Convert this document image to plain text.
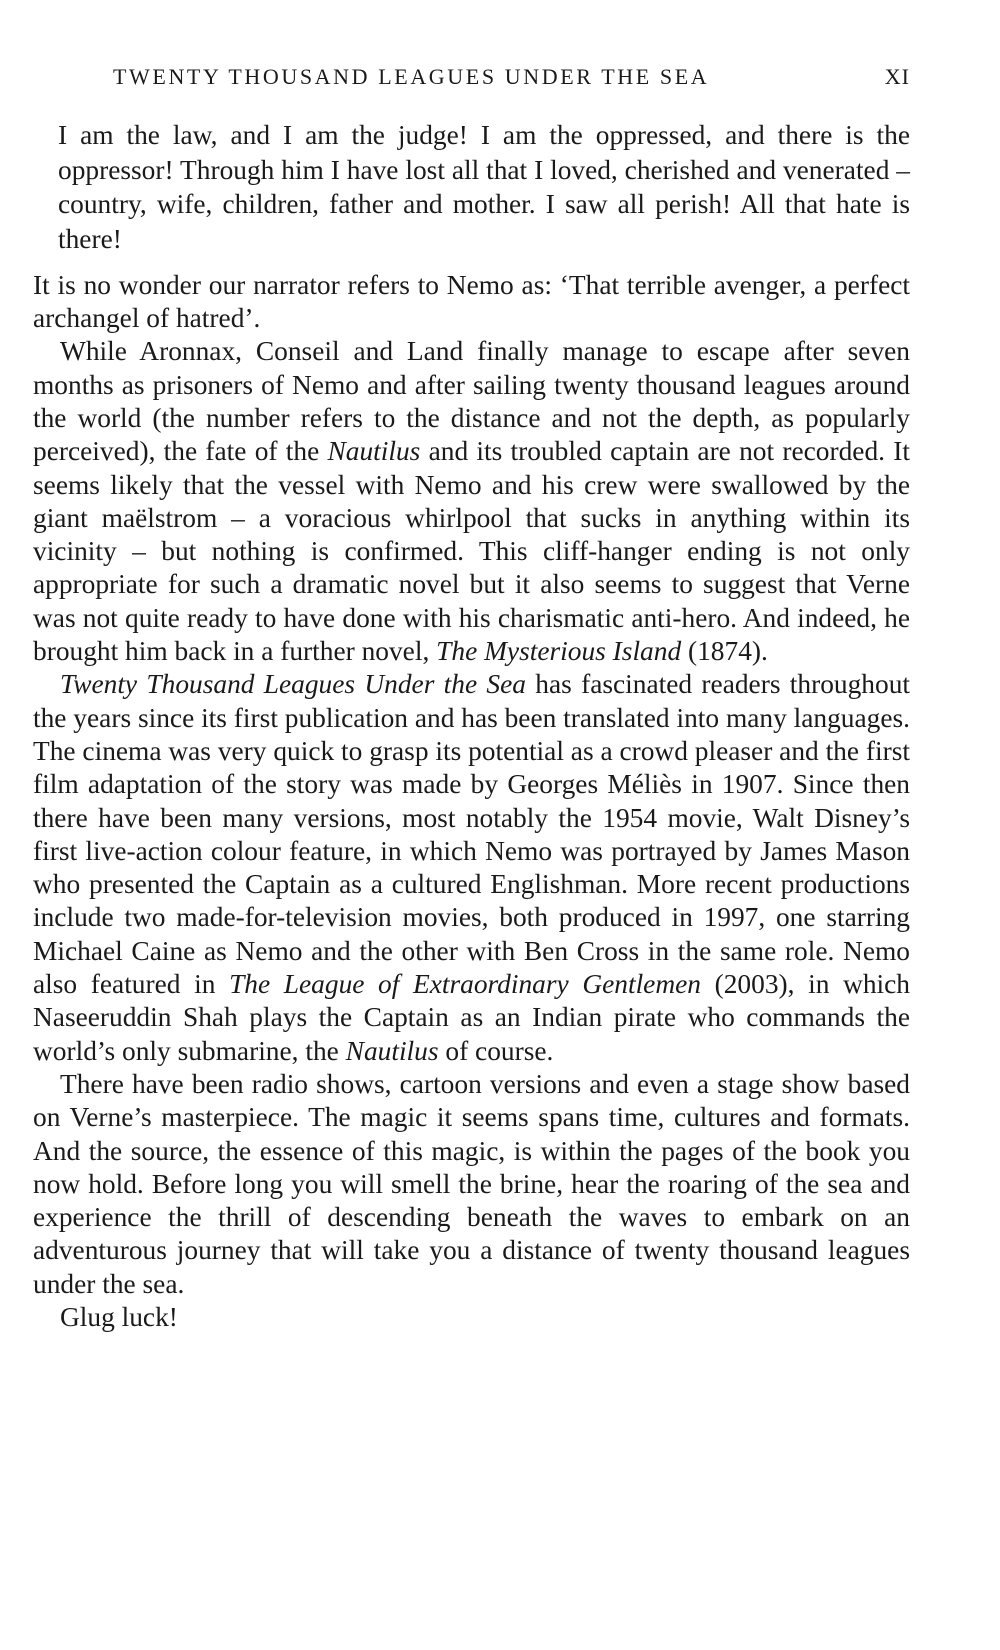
TWENTY THOUSAND LEAGUES UNDER THE SEA	XI

I am the law, and I am the judge! I am the oppressed, and there is the oppressor! Through him I have lost all that I loved, cherished and venerated – country, wife, children, father and mother. I saw all perish! All that hate is there!

It is no wonder our narrator refers to Nemo as: ‘That terrible avenger, a perfect archangel of hatred’.

While Aronnax, Conseil and Land finally manage to escape after seven months as prisoners of Nemo and after sailing twenty thousand leagues around the world (the number refers to the distance and not the depth, as popularly perceived), the fate of the Nautilus and its troubled captain are not recorded. It seems likely that the vessel with Nemo and his crew were swallowed by the giant maëlstrom – a voracious whirlpool that sucks in anything within its vicinity – but nothing is confirmed. This cliff-hanger ending is not only appropriate for such a dramatic novel but it also seems to suggest that Verne was not quite ready to have done with his charismatic anti-hero. And indeed, he brought him back in a further novel, The Mysterious Island (1874).

Twenty Thousand Leagues Under the Sea has fascinated readers throughout the years since its first publication and has been translated into many languages. The cinema was very quick to grasp its potential as a crowd pleaser and the first film adaptation of the story was made by Georges Méliès in 1907. Since then there have been many versions, most notably the 1954 movie, Walt Disney’s first live-action colour feature, in which Nemo was portrayed by James Mason who presented the Captain as a cultured Englishman. More recent productions include two made-for-television movies, both produced in 1997, one starring Michael Caine as Nemo and the other with Ben Cross in the same role. Nemo also featured in The League of Extraordinary Gentlemen (2003), in which Naseeruddin Shah plays the Captain as an Indian pirate who commands the world’s only submarine, the Nautilus of course.

There have been radio shows, cartoon versions and even a stage show based on Verne’s masterpiece. The magic it seems spans time, cultures and formats. And the source, the essence of this magic, is within the pages of the book you now hold. Before long you will smell the brine, hear the roaring of the sea and experience the thrill of descending beneath the waves to embark on an adventurous journey that will take you a distance of twenty thousand leagues under the sea.

Glug luck!
